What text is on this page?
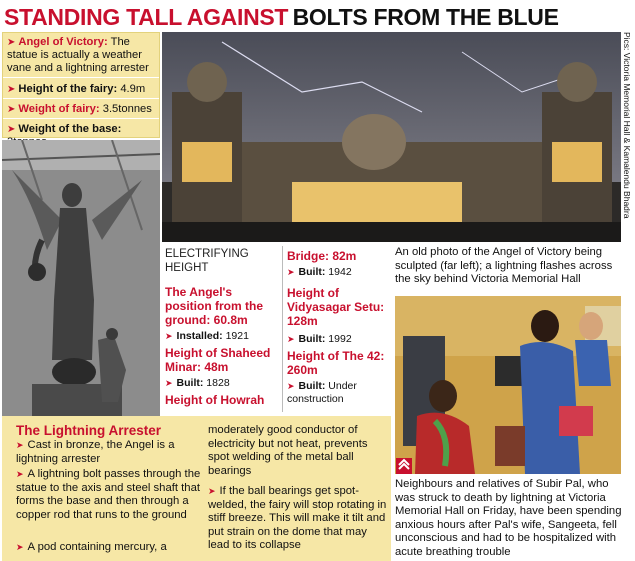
STANDING TALL AGAINST BOLTS FROM THE BLUE
➤ Angel of Victory: The statue is actually a weather vane and a lightning arrester
➤ Height of the fairy: 4.9m
➤ Weight of fairy: 3.5tonnes
➤ Weight of the base:	Pics: Victoria Memorial Hall & Kamalendu Bhadra
ELECTRIFYING HEIGHT
The Angel's position from the ground: 60.8m
➤ Installed: 1921
Height of Shaheed Minar: 48m
➤ Built: 1828
Height of Howrah
Bridge: 82m
➤ Built: 1942
Height of Vidyasagar Setu: 128m
➤ Built: 1992
Height of The 42: 260m
➤ Built: Under construction
An old photo of the Angel of Victory being sculpted (far left); a lightning flashes across the sky behind Victoria Memorial Hall
Neighbours and relatives of Subir Pal, who was struck to death by lightning at Victoria Memorial Hall on Friday, have been spending anxious hours after Pal's wife, Sangeeta, fell unconscious and had to be hospitalized with acute breathing trouble
The Lightning Arrester
➤ Cast in bronze, the Angel is a lightning arrester
➤ A lightning bolt passes through the statue to the axis and steel shaft that forms the base and then through a copper rod that runs to the ground
➤ A pod containing mercury, a
moderately good conductor of electricity but not heat, prevents spot welding of the metal ball bearings
➤ If the ball bearings get spot-welded, the fairy will stop rotating in stiff breeze. This will make it tilt and put strain on the dome that may lead to its collapse
